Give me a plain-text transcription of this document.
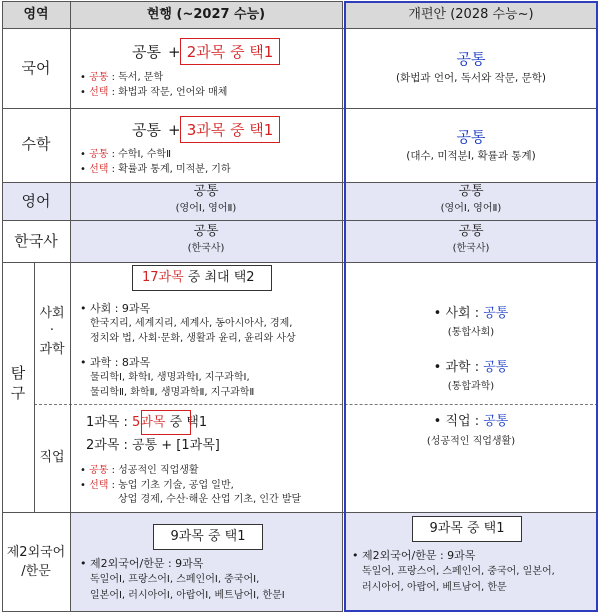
영역	현행 (~2027 수능)	개편안 (2028 수능~)
국어
공통 + 2과목 중 택1
• 공통 : 독서, 문학
• 선택 : 화법과 작문, 언어와 매체
공통
(화법과 언어, 독서와 작문, 문학)
수학
공통 + 3과목 중 택1
• 공통 : 수학Ⅰ, 수학Ⅱ
• 선택 : 확률과 통계, 미적분, 기하
공통
(대수, 미적분Ⅰ, 확률과 통계)
영어
공통
(영어Ⅰ, 영어Ⅱ)
공통
(영어Ⅰ, 영어Ⅱ)
한국사
공통
(한국사)
공통
(한국사)
탐
구
사회
·
과학
17과목 중 최대 택2
• 사회 : 9과목
한국지리, 세계지리, 세계사, 동아시아사, 경제,
정치와 법, 사회·문화, 생활과 윤리, 윤리와 사상
• 과학 : 8과목
물리학Ⅰ, 화학Ⅰ, 생명과학Ⅰ, 지구과학Ⅰ,
물리학Ⅱ, 화학Ⅱ, 생명과학Ⅱ, 지구과학Ⅱ
• 사회 : 공통
(통합사회)
• 과학 : 공통
(통합과학)
직업
1과목 : 5과목 중 택1
2과목 : 공통 + [1과목]
• 공통 : 성공적인 직업생활
• 선택 : 농업 기초 기술, 공업 일반,
상업 경제, 수산·해운 산업 기초, 인간 발달
• 직업 : 공통
(성공적인 직업생활)
제2외국어
/한문
9과목 중 택1
• 제2외국어/한문 : 9과목
독일어Ⅰ, 프랑스어Ⅰ, 스페인어Ⅰ, 중국어Ⅰ,
일본어Ⅰ, 러시아어Ⅰ, 아랍어Ⅰ, 베트남어Ⅰ, 한문Ⅰ
9과목 중 택1
• 제2외국어/한문 : 9과목
독일어, 프랑스어, 스페인어, 중국어, 일본어,
러시아어, 아랍어, 베트남어, 한문
